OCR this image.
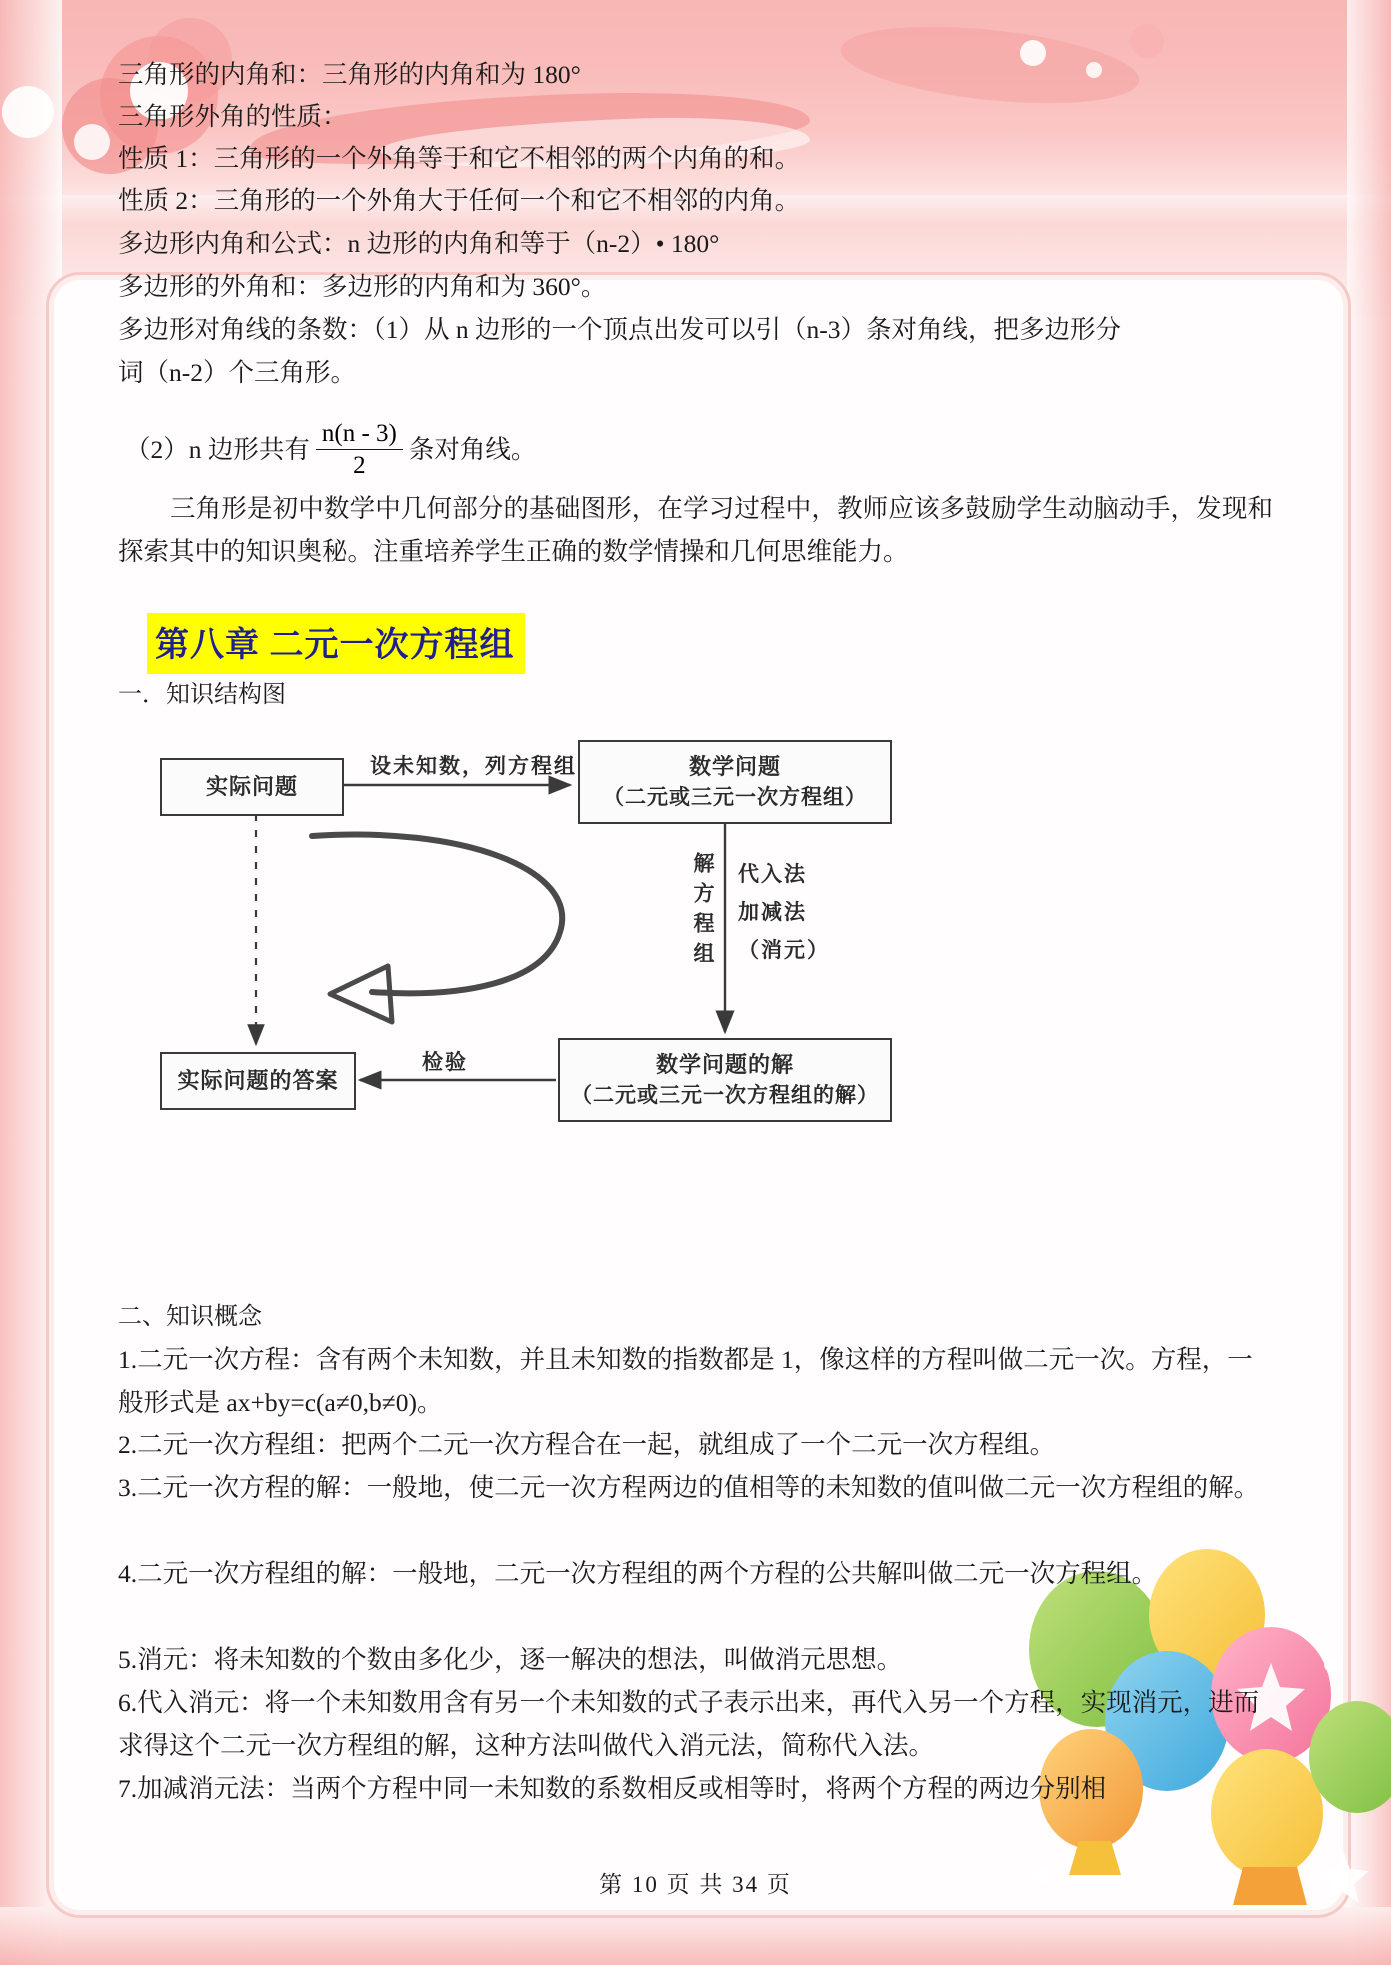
三角形的内角和：三角形的内角和为 180°
三角形外角的性质：
性质 1：三角形的一个外角等于和它不相邻的两个内角的和。
性质 2：三角形的一个外角大于任何一个和它不相邻的内角。
多边形内角和公式：n 边形的内角和等于（n-2）• 180°
多边形的外角和：多边形的内角和为 360°。
多边形对角线的条数：（1）从 n 边形的一个顶点出发可以引（n-3）条对角线，把多边形分
词（n-2）个三角形。
（2）n 边形共有 $\frac{n(n - 3)}{2}$ 条对角线。
三角形是初中数学中几何部分的基础图形，在学习过程中，教师应该多鼓励学生动脑动手，发现和探索其中的知识奥秘。注重培养学生正确的数学情操和几何思维能力。
第八章 二元一次方程组
一．知识结构图
实际问题
数学问题
（二元或三元一次方程组）
数学问题的解
（二元或三元一次方程组的解）
实际问题的答案
设未知数，列方程组
解方程组 代入法
加减法
（消元）
检验
二、知识概念
1.二元一次方程：含有两个未知数，并且未知数的指数都是 1，像这样的方程叫做二元一次。方程，一般形式是 ax+by=c(a≠0,b≠0)。
2.二元一次方程组：把两个二元一次方程合在一起，就组成了一个二元一次方程组。
3.二元一次方程的解：一般地，使二元一次方程两边的值相等的未知数的值叫做二元一次方程组的解。
4.二元一次方程组的解：一般地，二元一次方程组的两个方程的公共解叫做二元一次方程组。
5.消元：将未知数的个数由多化少，逐一解决的想法，叫做消元思想。
6.代入消元：将一个未知数用含有另一个未知数的式子表示出来，再代入另一个方程，实现消元，进而求得这个二元一次方程组的解，这种方法叫做代入消元法，简称代入法。
7.加减消元法：当两个方程中同一未知数的系数相反或相等时，将两个方程的两边分别相
第 10 页 共 34 页
